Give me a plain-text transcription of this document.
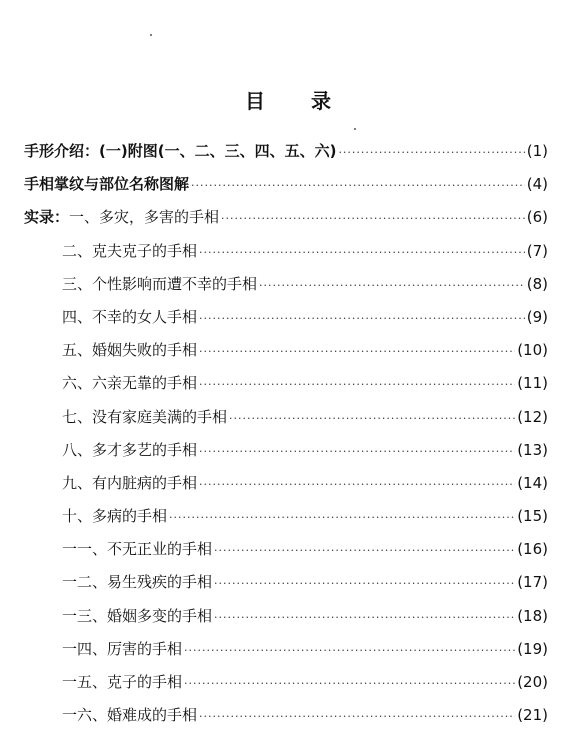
目 录
手形介绍：(一)附图(一、二、三、四、五、六) ·····	(1)
手相掌纹与部位名称图解 ·····	(4)
实录：一、多灾，多害的手相 ·····	(6)
二、克夫克子的手相 ·····	(7)
三、个性影响而遭不幸的手相 ·····	(8)
四、不幸的女人手相 ·····	(9)
五、婚姻失败的手相 ·····	(10)
六、六亲无靠的手相 ·····	(11)
七、没有家庭美满的手相 ·····	(12)
八、多才多艺的手相 ·····	(13)
九、有内脏病的手相 ·····	(14)
十、多病的手相 ·····	(15)
一一、不无正业的手相 ·····	(16)
一二、易生残疾的手相 ·····	(17)
一三、婚姻多变的手相 ·····	(18)
一四、厉害的手相 ·····	(19)
一五、克子的手相 ·····	(20)
一六、婚难成的手相 ·····	(21)
